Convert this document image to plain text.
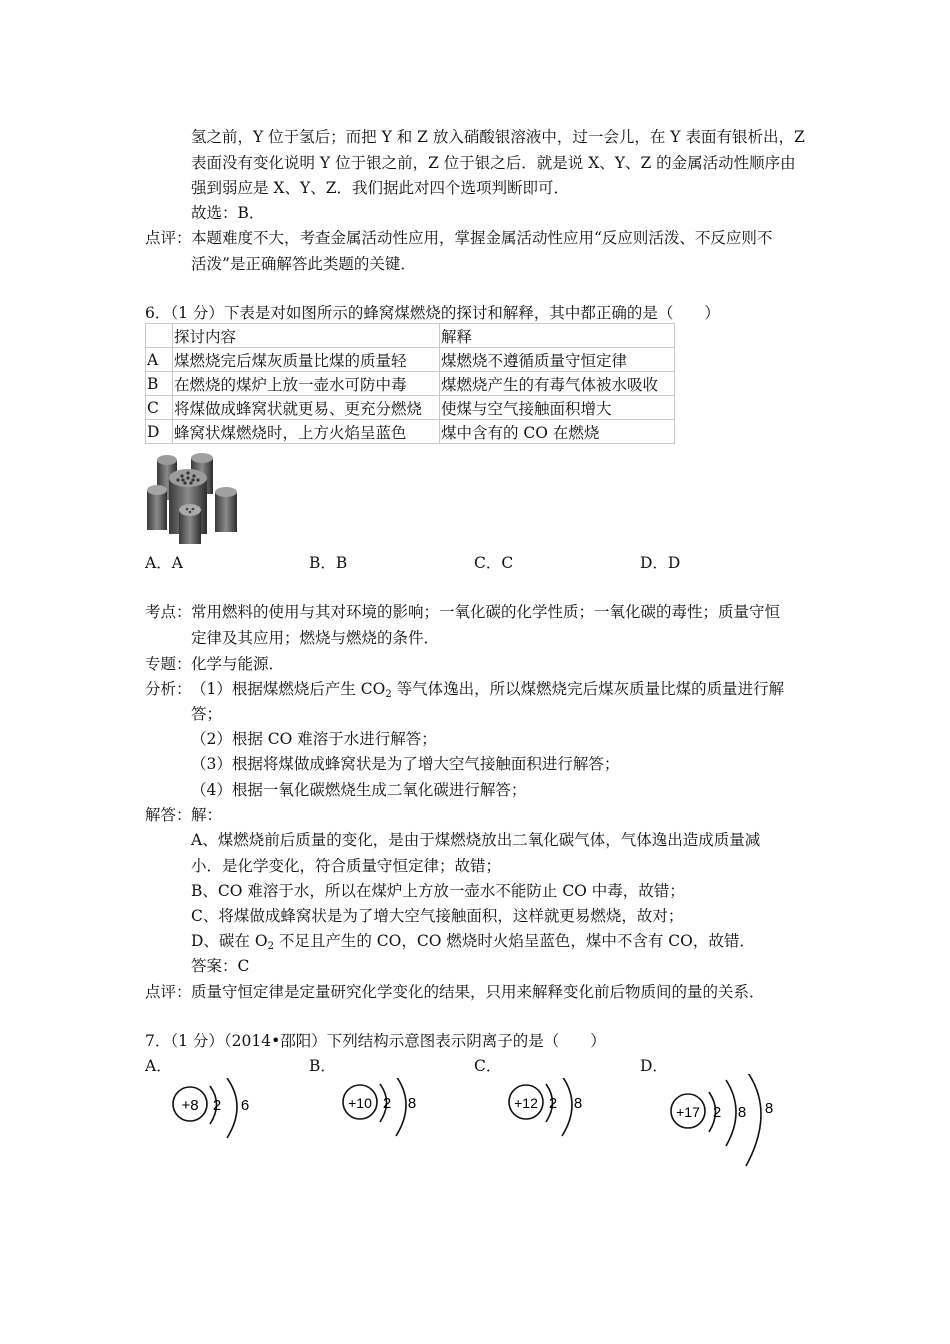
氢之前，Y 位于氢后；而把 Y 和 Z 放入硝酸银溶液中，过一会儿，在 Y 表面有银析出，Z
表面没有变化说明 Y 位于银之前，Z 位于银之后．就是说 X、Y、Z 的金属活动性顺序由
强到弱应是 X、Y、Z．我们据此对四个选项判断即可．
故选：B．
点评： 本题难度不大，考查金属活动性应用，掌握金属活动性应用“反应则活泼、不反应则不
活泼”是正确解答此类题的关键．
6．（1 分）下表是对如图所示的蜂窝煤燃烧的探讨和解释，其中都正确的是（　　）
	探讨内容	解释
A	煤燃烧完后煤灰质量比煤的质量轻	煤燃烧不遵循质量守恒定律
B	在燃烧的煤炉上放一壶水可防中毒	煤燃烧产生的有毒气体被水吸收
C	将煤做成蜂窝状就更易、更充分燃烧	使煤与空气接触面积增大
D	蜂窝状煤燃烧时，上方火焰呈蓝色	煤中含有的 CO 在燃烧
A．A	B．B	C．C	D．D
考点： 常用燃料的使用与其对环境的影响；一氧化碳的化学性质；一氧化碳的毒性；质量守恒
定律及其应用；燃烧与燃烧的条件．
专题： 化学与能源．
分析： （1）根据煤燃烧后产生 $CO_2$ 等气体逸出，所以煤燃烧完后煤灰质量比煤的质量进行解
答；
（2）根据 CO 难溶于水进行解答；
（3）根据将煤做成蜂窝状是为了增大空气接触面积进行解答；
（4）根据一氧化碳燃烧生成二氧化碳进行解答；
解答： 解：
A、煤燃烧前后质量的变化，是由于煤燃烧放出二氧化碳气体，气体逸出造成质量减
小．是化学变化，符合质量守恒定律；故错；
B、CO 难溶于水，所以在煤炉上方放一壶水不能防止 CO 中毒，故错；
C、将煤做成蜂窝状是为了增大空气接触面积，这样就更易燃烧，故对；
D、碳在 $O_2$ 不足且产生的 CO，CO 燃烧时火焰呈蓝色，煤中不含有 CO，故错．
答案：C
点评： 质量守恒定律是定量研究化学变化的结果，只用来解释变化前后物质间的量的关系．
7．（1 分）（2014•邵阳）下列结构示意图表示阴离子的是（　　）
A．	B．	C．	D．
+8 2 6	+10 2 8	+12 2 8	+17 2 8 8
